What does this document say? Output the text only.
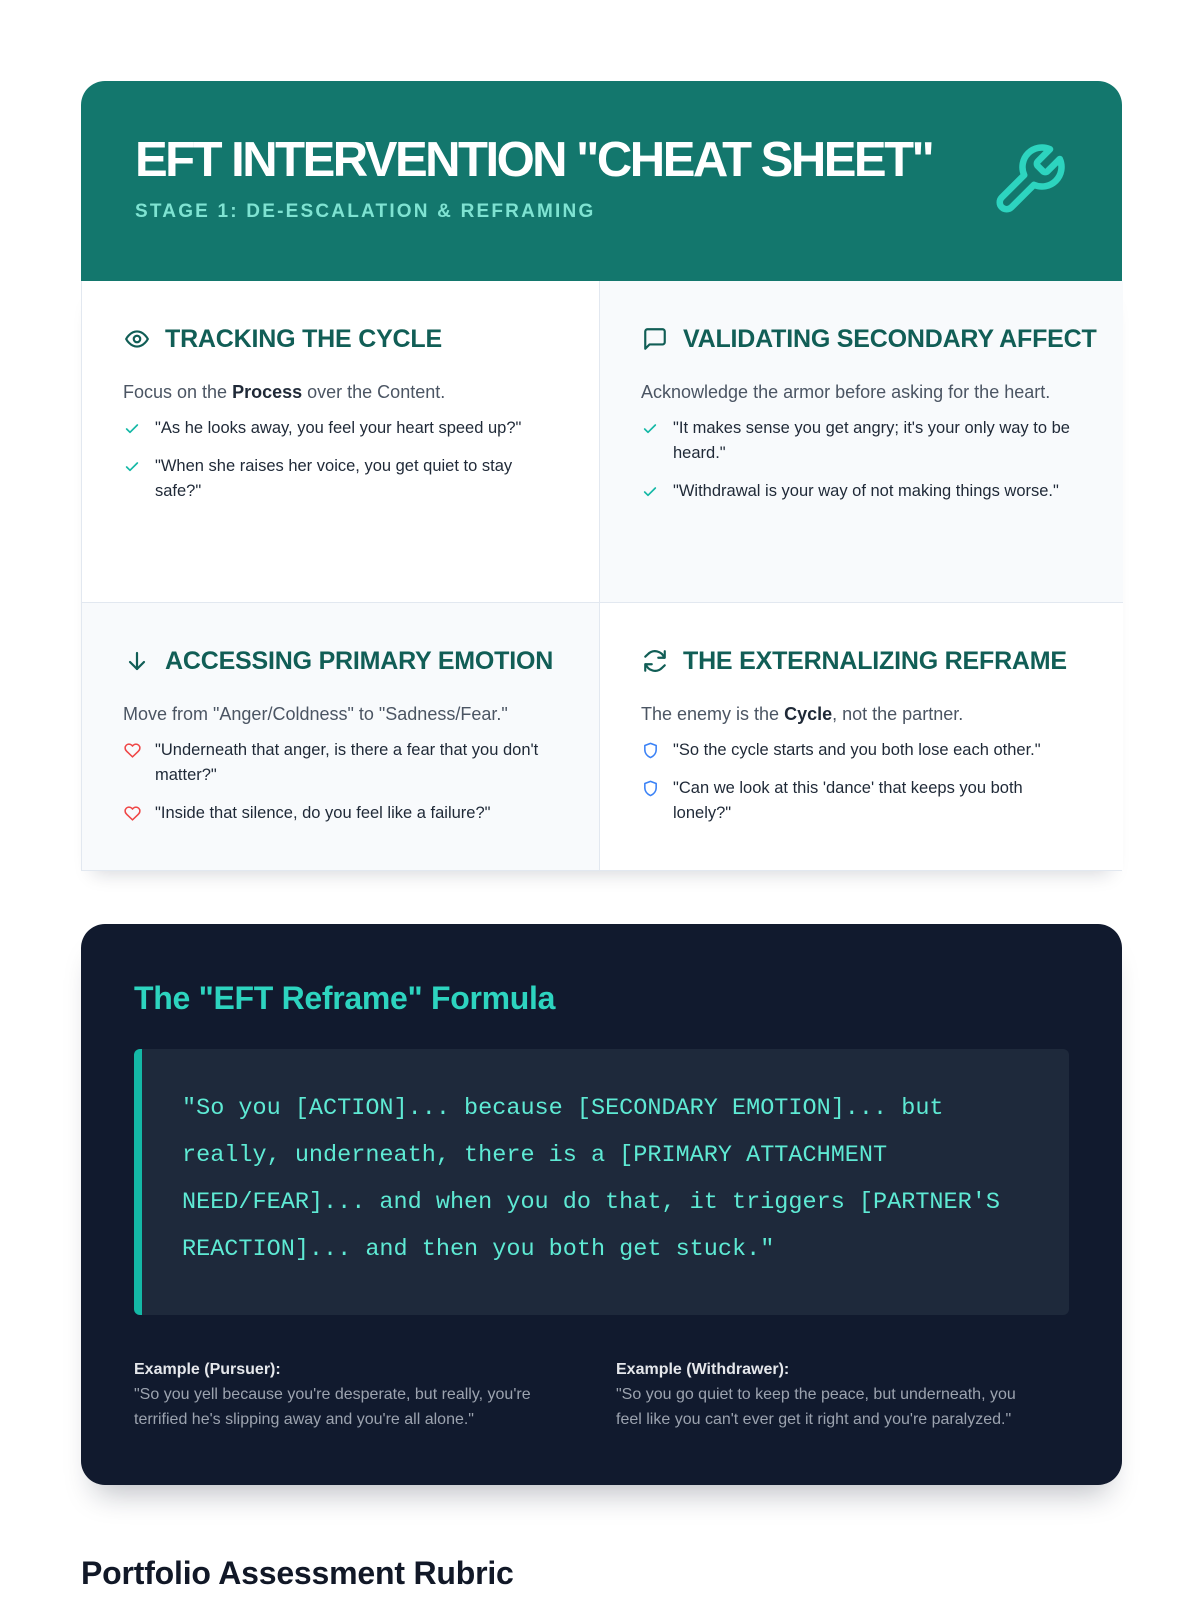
EFT INTERVENTION "CHEAT SHEET"
STAGE 1: DE-ESCALATION & REFRAMING
TRACKING THE CYCLE

Focus on the Process over the Content.

"As he looks away, you feel your heart speed up?"
"When she raises her voice, you get quiet to stay safe?"
VALIDATING SECONDARY AFFECT

Acknowledge the armor before asking for the heart.

"It makes sense you get angry; it's your only way to be heard."
"Withdrawal is your way of not making things worse."
ACCESSING PRIMARY EMOTION

Move from "Anger/Coldness" to "Sadness/Fear."

"Underneath that anger, is there a fear that you don't matter?"
"Inside that silence, do you feel like a failure?"
THE EXTERNALIZING REFRAME

The enemy is the Cycle, not the partner.

"So the cycle starts and you both lose each other."
"Can we look at this 'dance' that keeps you both lonely?"
The "EFT Reframe" Formula

"So you [ACTION]... because [SECONDARY EMOTION]... but

really, underneath, there is a [PRIMARY ATTACHMENT

NEED/FEAR]... and when you do that, it triggers [PARTNER'S

REACTION]... and then you both get stuck."

Example (Pursuer):
"So you yell because you're desperate, but really, you're
terrified he's slipping away and you're all alone."
Example (Withdrawer):
"So you go quiet to keep the peace, but underneath, you
feel like you can't ever get it right and you're paralyzed."
Portfolio Assessment Rubric
